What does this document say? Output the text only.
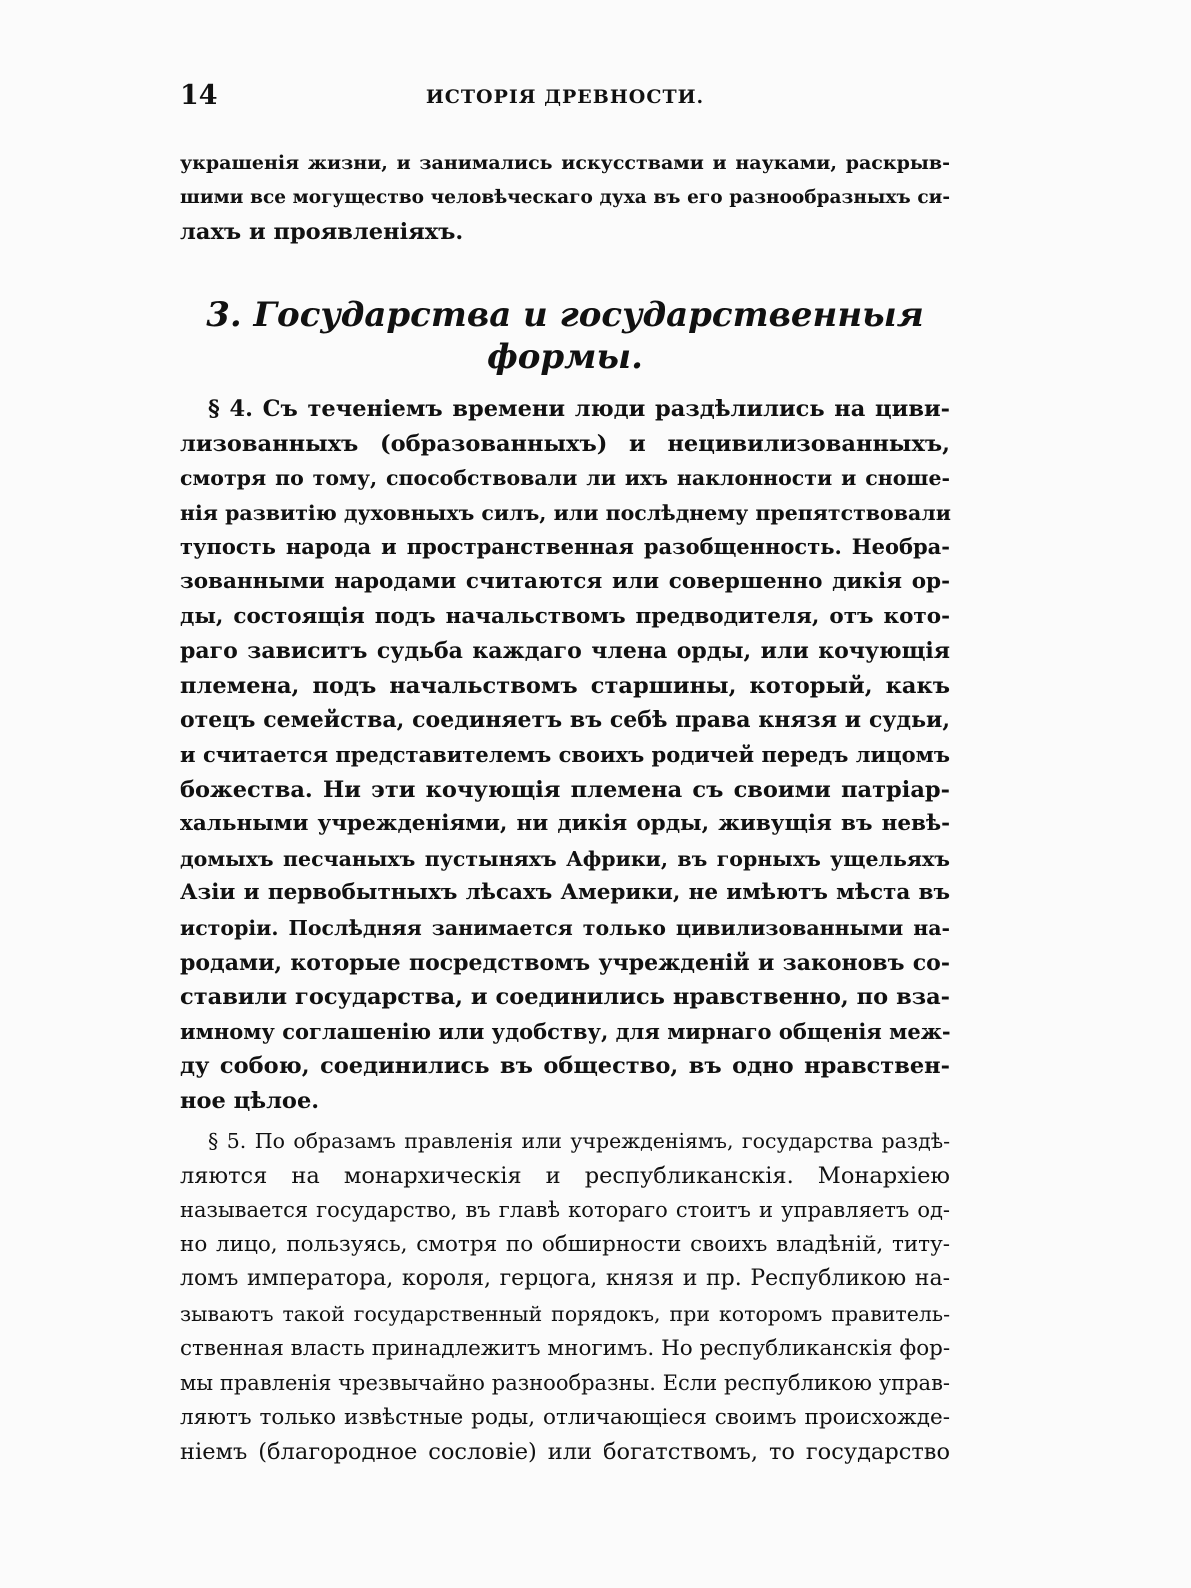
14	ИСТОРІЯ ДРЕВНОСТИ.
украшенія жизни, и занимались искусствами и науками, раскрыв-
шими все могущество человѣческаго духа въ его разнообразныхъ си-
лахъ и проявленіяхъ.
3. Государства и государственныя
формы.
§ 4. Съ теченіемъ времени люди раздѣлились на циви-
лизованныхъ (образованныхъ) и нецивилизованныхъ,
смотря по тому, способствовали ли ихъ наклонности и сноше-
нія развитію духовныхъ силъ, или послѣднему препятствовали
тупость народа и пространственная разобщенность. Необра-
зованными народами считаются или совершенно дикія ор-
ды, состоящія подъ начальствомъ предводителя, отъ кото-
раго зависитъ судьба каждаго члена орды, или кочующія
племена, подъ начальствомъ старшины, который, какъ
отецъ семейства, соединяетъ въ себѣ права князя и судьи,
и считается представителемъ своихъ родичей передъ лицомъ
божества. Ни эти кочующія племена съ своими патріар-
хальными учрежденіями, ни дикія орды, живущія въ невѣ-
домыхъ песчаныхъ пустыняхъ Африки, въ горныхъ ущельяхъ
Азіи и первобытныхъ лѣсахъ Америки, не имѣютъ мѣста въ
исторіи. Послѣдняя занимается только цивилизованными на-
родами, которые посредствомъ учрежденій и законовъ со-
ставили государства, и соединились нравственно, по вза-
имному соглашенію или удобству, для мирнаго общенія меж-
ду собою, соединились въ общество, въ одно нравствен-
ное цѣлое.
§ 5. По образамъ правленія или учрежденіямъ, государства раздѣ-
ляются на монархическія и республиканскія. Монархіею
называется государство, въ главѣ котораго стоитъ и управляетъ од-
но лицо, пользуясь, смотря по обширности своихъ владѣній, титу-
ломъ императора, короля, герцога, князя и пр. Республикою на-
зываютъ такой государственный порядокъ, при которомъ правитель-
ственная власть принадлежитъ многимъ. Но республиканскія фор-
мы правленія чрезвычайно разнообразны. Если республикою управ-
ляютъ только извѣстные роды, отличающіеся своимъ происхожде-
ніемъ (благородное сословіе) или богатствомъ, то государство
